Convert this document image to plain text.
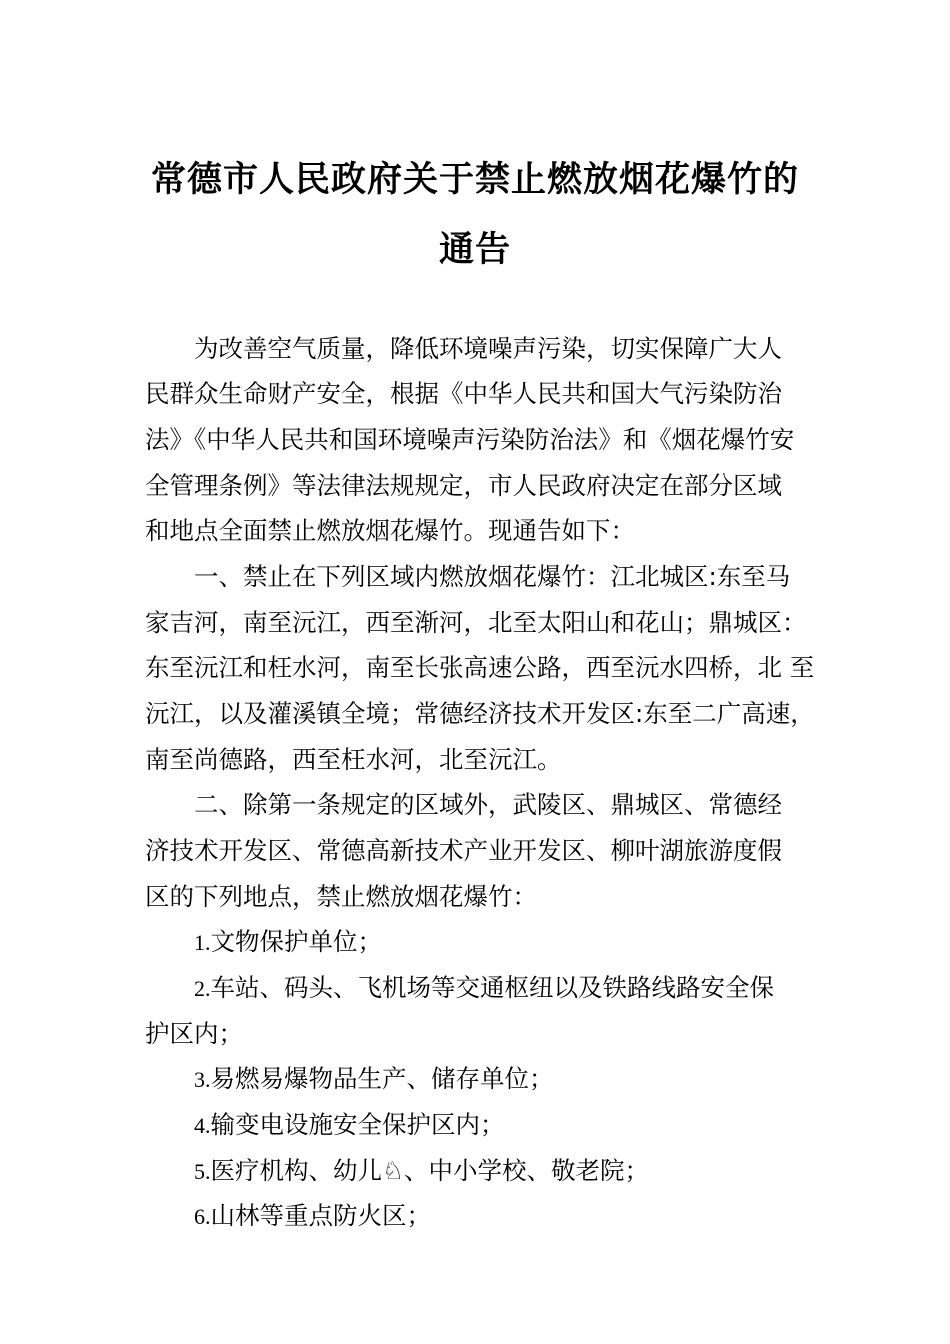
常德市人民政府关于禁止燃放烟花爆竹的
通告
为改善空气质量，降低环境噪声污染，切实保障广大人
民群众生命财产安全，根据《中华人民共和国大气污染防治
法》《中华人民共和国环境噪声污染防治法》和《烟花爆竹安
全管理条例》等法律法规规定，市人民政府决定在部分区域
和地点全面禁止燃放烟花爆竹。现通告如下：
一、禁止在下列区域内燃放烟花爆竹：江北城区:东至马
家吉河，南至沅江，西至渐河，北至太阳山和花山；鼎城区：
东至沅江和枉水河，南至长张高速公路，西至沅水四桥，北 至
沅江，以及灌溪镇全境；常德经济技术开发区:东至二广高速，
南至尚德路，西至枉水河，北至沅江。
二、除第一条规定的区域外，武陵区、鼎城区、常德经
济技术开发区、常德高新技术产业开发区、柳叶湖旅游度假
区的下列地点，禁止燃放烟花爆竹：
1.文物保护单位；
2.车站、码头、飞机场等交通枢纽以及铁路线路安全保
护区内；
3.易燃易爆物品生产、储存单位；
4.输变电设施安全保护区内；
5.医疗机构、幼儿♘、中小学校、敬老院；
6.山林等重点防火区；
